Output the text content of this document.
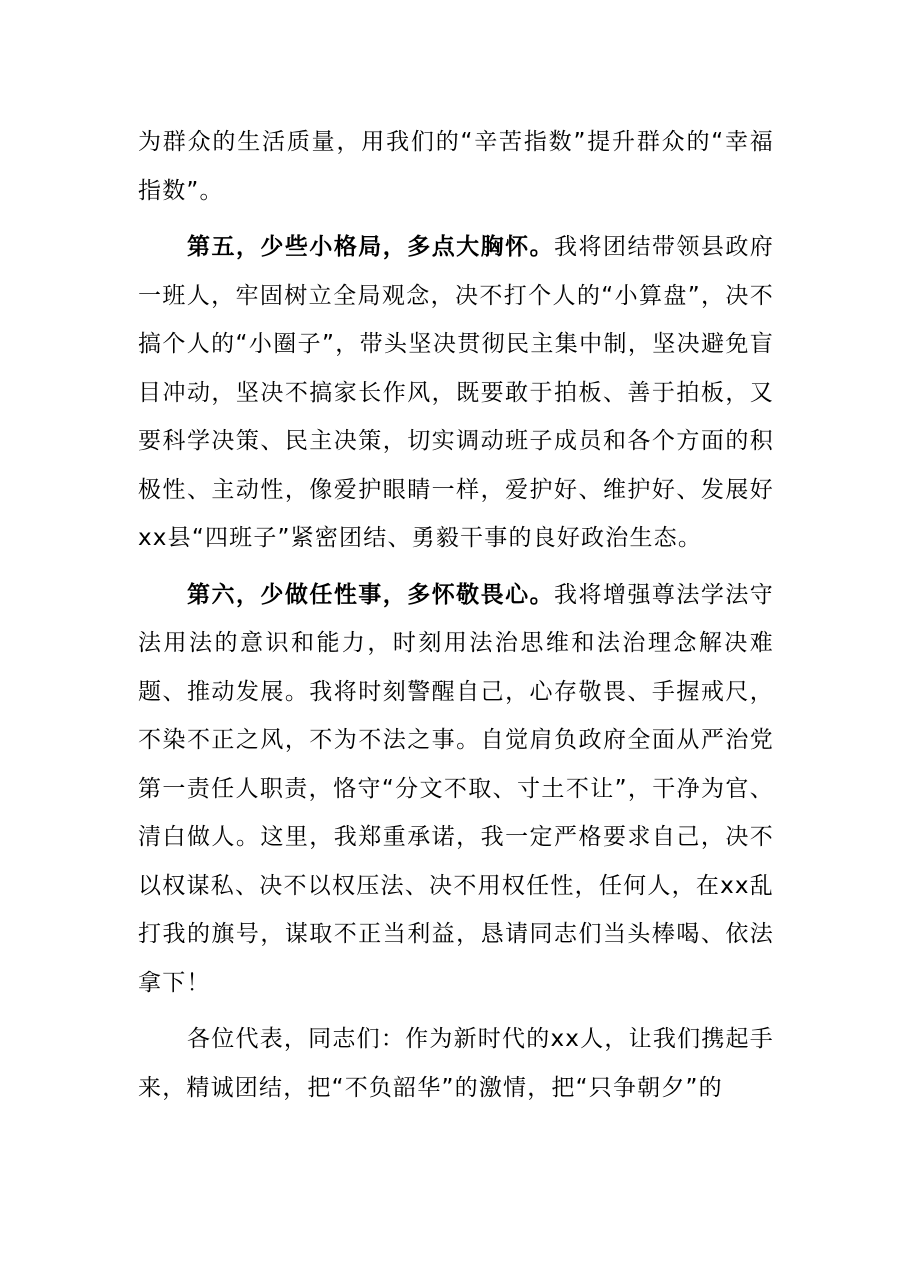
为群众的生活质量，用我们的“辛苦指数”提升群众的“幸福指数”。

第五，少些小格局，多点大胸怀。我将团结带领县政府一班人，牢固树立全局观念，决不打个人的“小算盘”，决不搞个人的“小圈子”，带头坚决贯彻民主集中制，坚决避免盲目冲动，坚决不搞家长作风，既要敢于拍板、善于拍板，又要科学决策、民主决策，切实调动班子成员和各个方面的积极性、主动性，像爱护眼睛一样，爱护好、维护好、发展好xx县“四班子”紧密团结、勇毅干事的良好政治生态。

第六，少做任性事，多怀敬畏心。我将增强尊法学法守法用法的意识和能力，时刻用法治思维和法治理念解决难题、推动发展。我将时刻警醒自己，心存敬畏、手握戒尺，不染不正之风，不为不法之事。自觉肩负政府全面从严治党第一责任人职责，恪守“分文不取、寸土不让”，干净为官、清白做人。这里，我郑重承诺，我一定严格要求自己，决不以权谋私、决不以权压法、决不用权任性，任何人，在xx乱打我的旗号，谋取不正当利益，恳请同志们当头棒喝、依法拿下！

各位代表，同志们：作为新时代的xx人，让我们携起手来，精诚团结，把“不负韶华”的激情，把“只争朝夕”的
